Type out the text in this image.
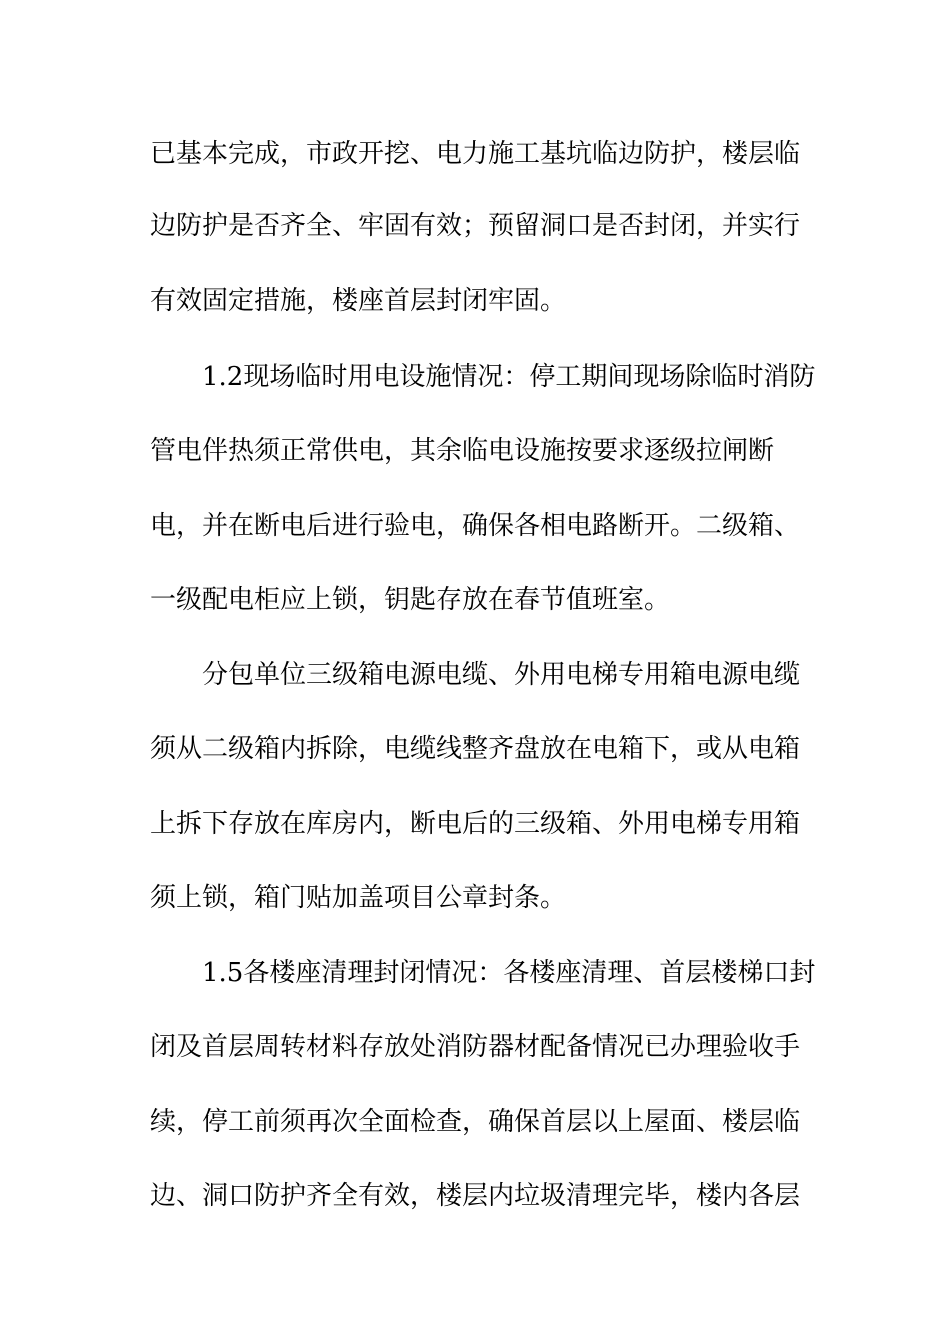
已基本完成，市政开挖、电力施工基坑临边防护，楼层临
边防护是否齐全、牢固有效；预留洞口是否封闭，并实行
有效固定措施，楼座首层封闭牢固。
1.2现场临时用电设施情况：停工期间现场除临时消防
管电伴热须正常供电，其余临电设施按要求逐级拉闸断
电，并在断电后进行验电，确保各相电路断开。二级箱、
一级配电柜应上锁，钥匙存放在春节值班室。
分包单位三级箱电源电缆、外用电梯专用箱电源电缆
须从二级箱内拆除，电缆线整齐盘放在电箱下，或从电箱
上拆下存放在库房内，断电后的三级箱、外用电梯专用箱
须上锁，箱门贴加盖项目公章封条。
1.5各楼座清理封闭情况：各楼座清理、首层楼梯口封
闭及首层周转材料存放处消防器材配备情况已办理验收手
续，停工前须再次全面检查，确保首层以上屋面、楼层临
边、洞口防护齐全有效，楼层内垃圾清理完毕，楼内各层
